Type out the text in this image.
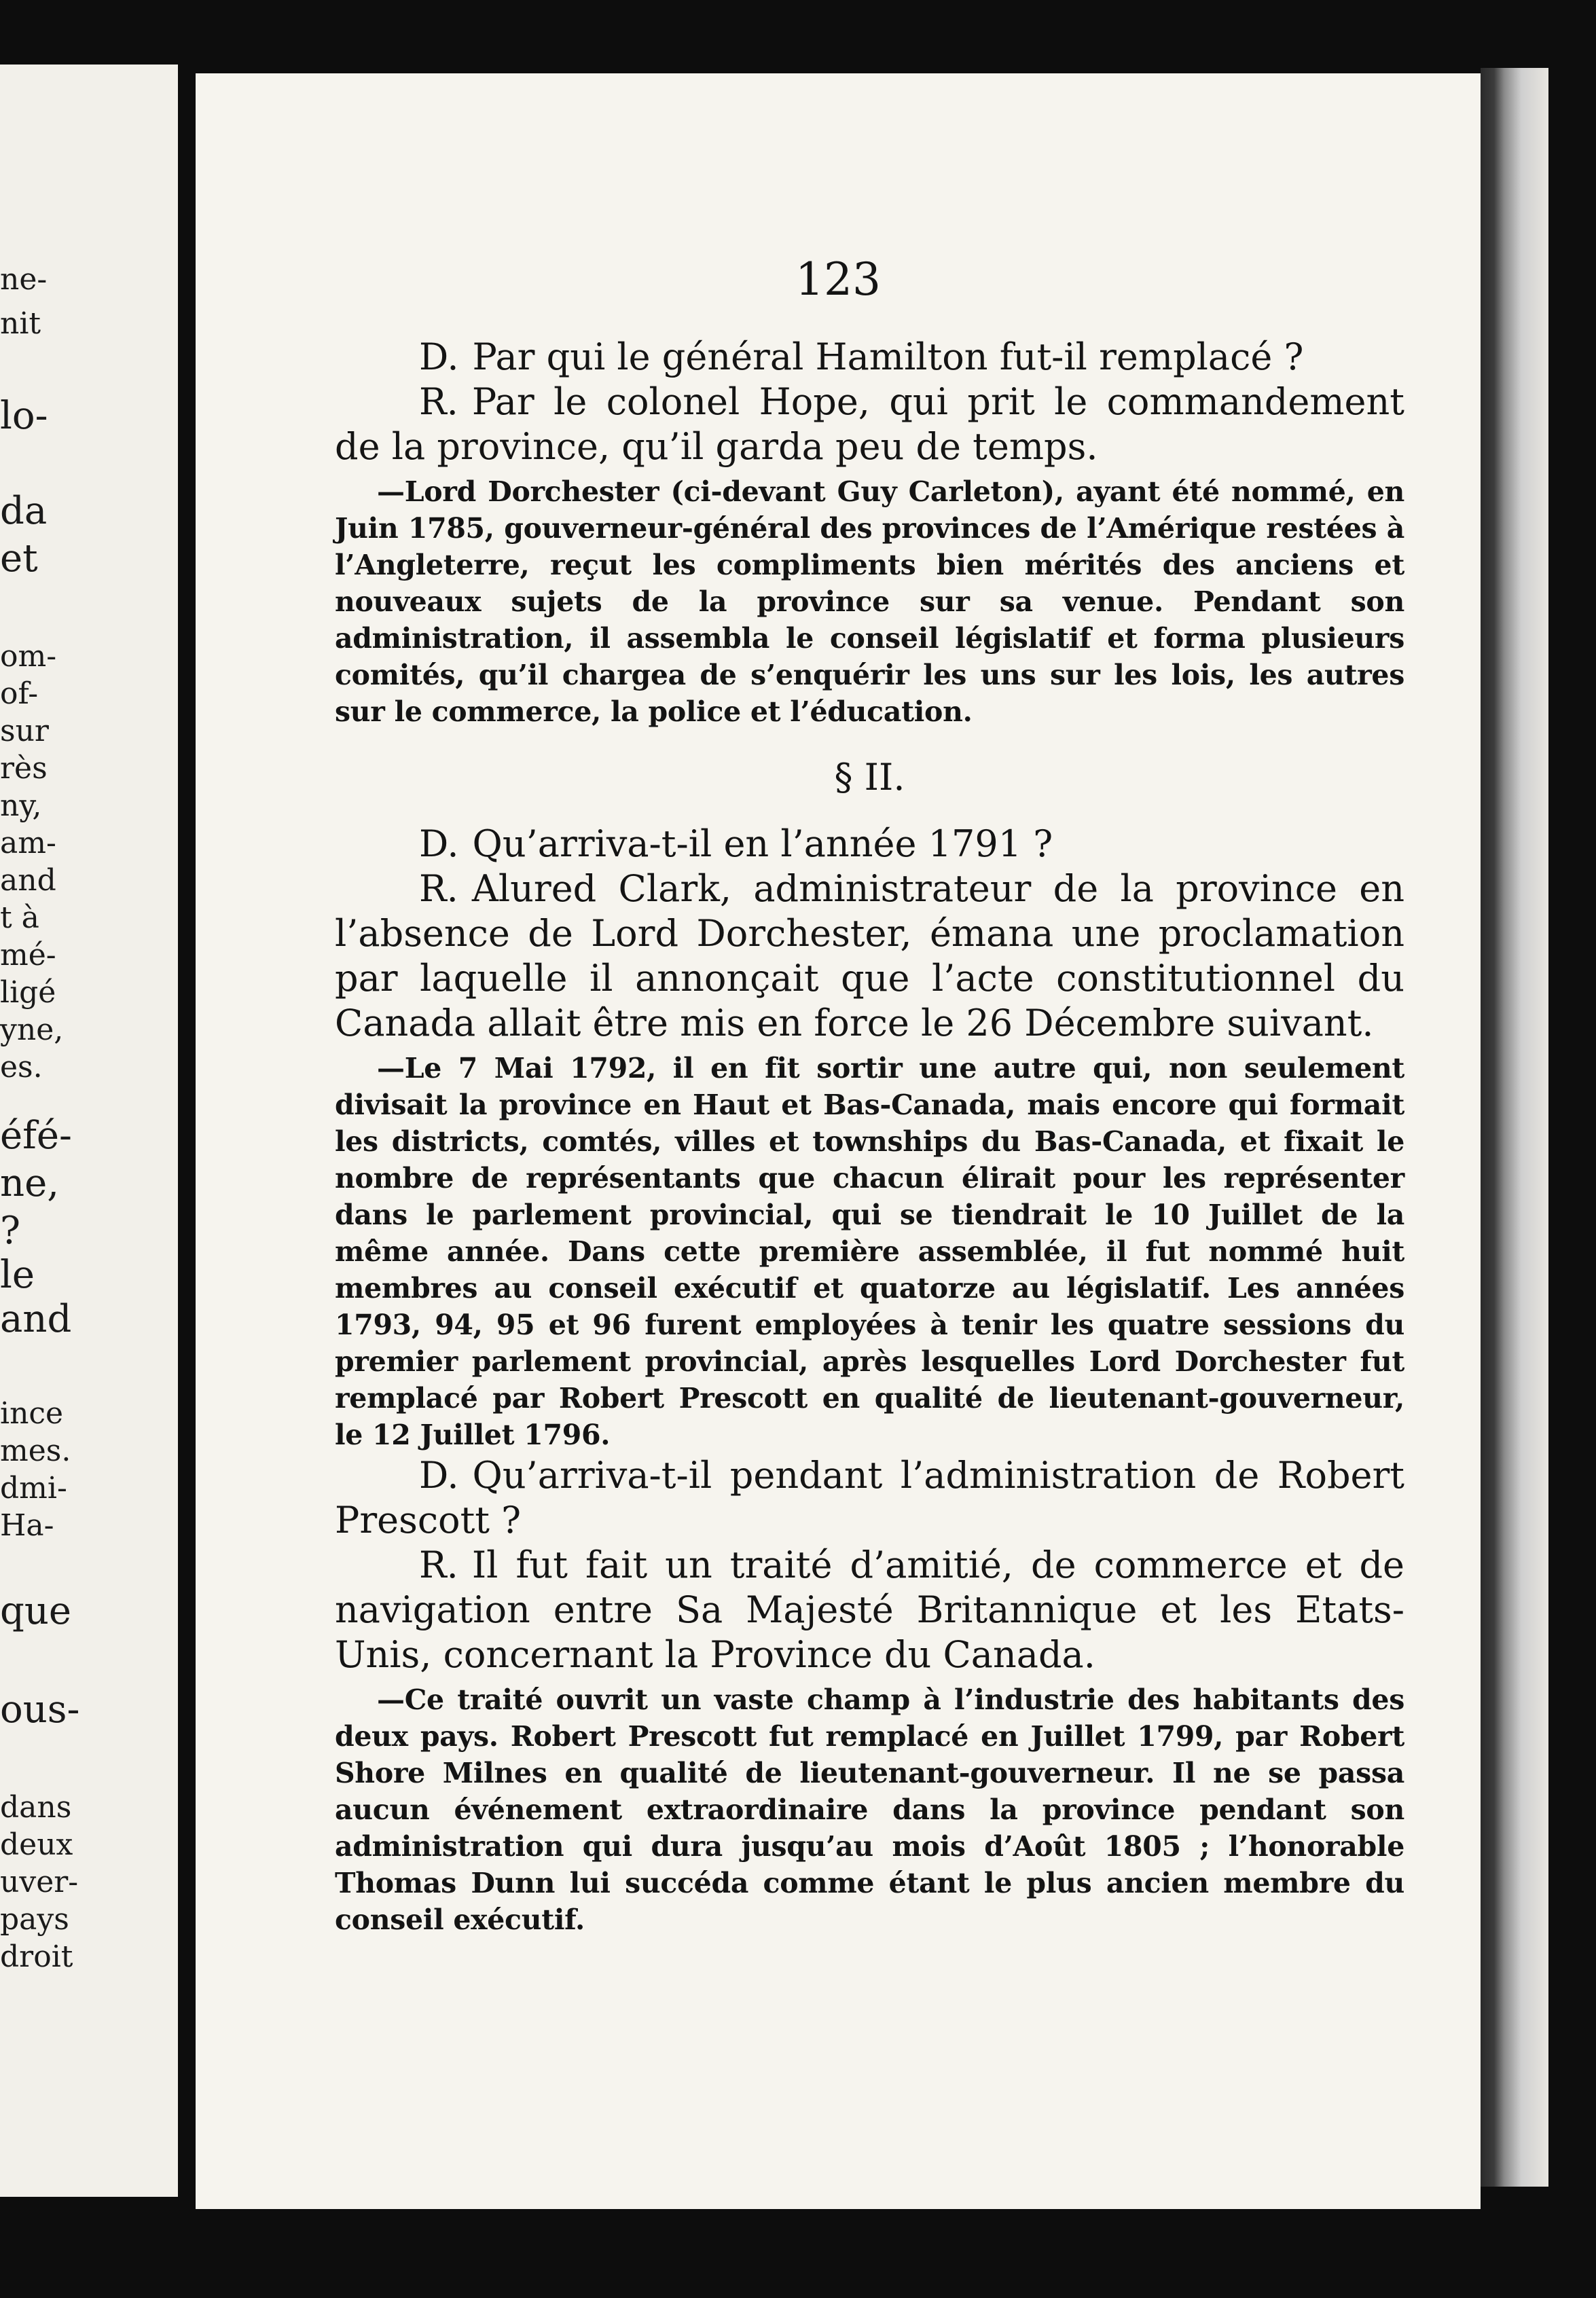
ne-
nit
lo-
da
et
om-
of-
sur
rès
ny,
am-
and
t à
mé-
ligé
yne,
es.
éfé-
ne,
?
le
and
ince
mes.
dmi-
Ha-
que
ous-
dans
deux
uver-
pays
droit
123

D. Par qui le général Hamilton fut-il remplacé ?

R. Par le colonel Hope, qui prit le commandement de la province, qu’il garda peu de temps.

—Lord Dorchester (ci-devant Guy Carleton), ayant été nommé, en Juin 1785, gouverneur-général des provinces de l’Amérique restées à l’Angleterre, reçut les compliments bien mérités des anciens et nouveaux sujets de la province sur sa venue. Pendant son administration, il assembla le conseil législatif et forma plusieurs comités, qu’il chargea de s’enquérir les uns sur les lois, les autres sur le commerce, la police et l’éducation.

§ II.

D. Qu’arriva-t-il en l’année 1791 ?

R. Alured Clark, administrateur de la province en l’absence de Lord Dorchester, émana une proclamation par laquelle il annonçait que l’acte constitutionnel du Canada allait être mis en force le 26 Décembre suivant.

—Le 7 Mai 1792, il en fit sortir une autre qui, non seulement divisait la province en Haut et Bas-Canada, mais encore qui formait les districts, comtés, villes et townships du Bas-Canada, et fixait le nombre de représentants que chacun élirait pour les représenter dans le parlement provincial, qui se tiendrait le 10 Juillet de la même année. Dans cette première assemblée, il fut nommé huit membres au conseil exécutif et quatorze au législatif. Les années 1793, 94, 95 et 96 furent employées à tenir les quatre sessions du premier parlement provincial, après lesquelles Lord Dorchester fut remplacé par Robert Prescott en qualité de lieutenant-gouverneur, le 12 Juillet 1796.

D. Qu’arriva-t-il pendant l’administration de Robert Prescott ?

R. Il fut fait un traité d’amitié, de commerce et de navigation entre Sa Majesté Britannique et les Etats-Unis, concernant la Province du Canada.

—Ce traité ouvrit un vaste champ à l’industrie des habitants des deux pays. Robert Prescott fut remplacé en Juillet 1799, par Robert Shore Milnes en qualité de lieutenant-gouverneur. Il ne se passa aucun événement extraordinaire dans la province pendant son administration qui dura jusqu’au mois d’Août 1805 ; l’honorable Thomas Dunn lui succéda comme étant le plus ancien membre du conseil exécutif.
